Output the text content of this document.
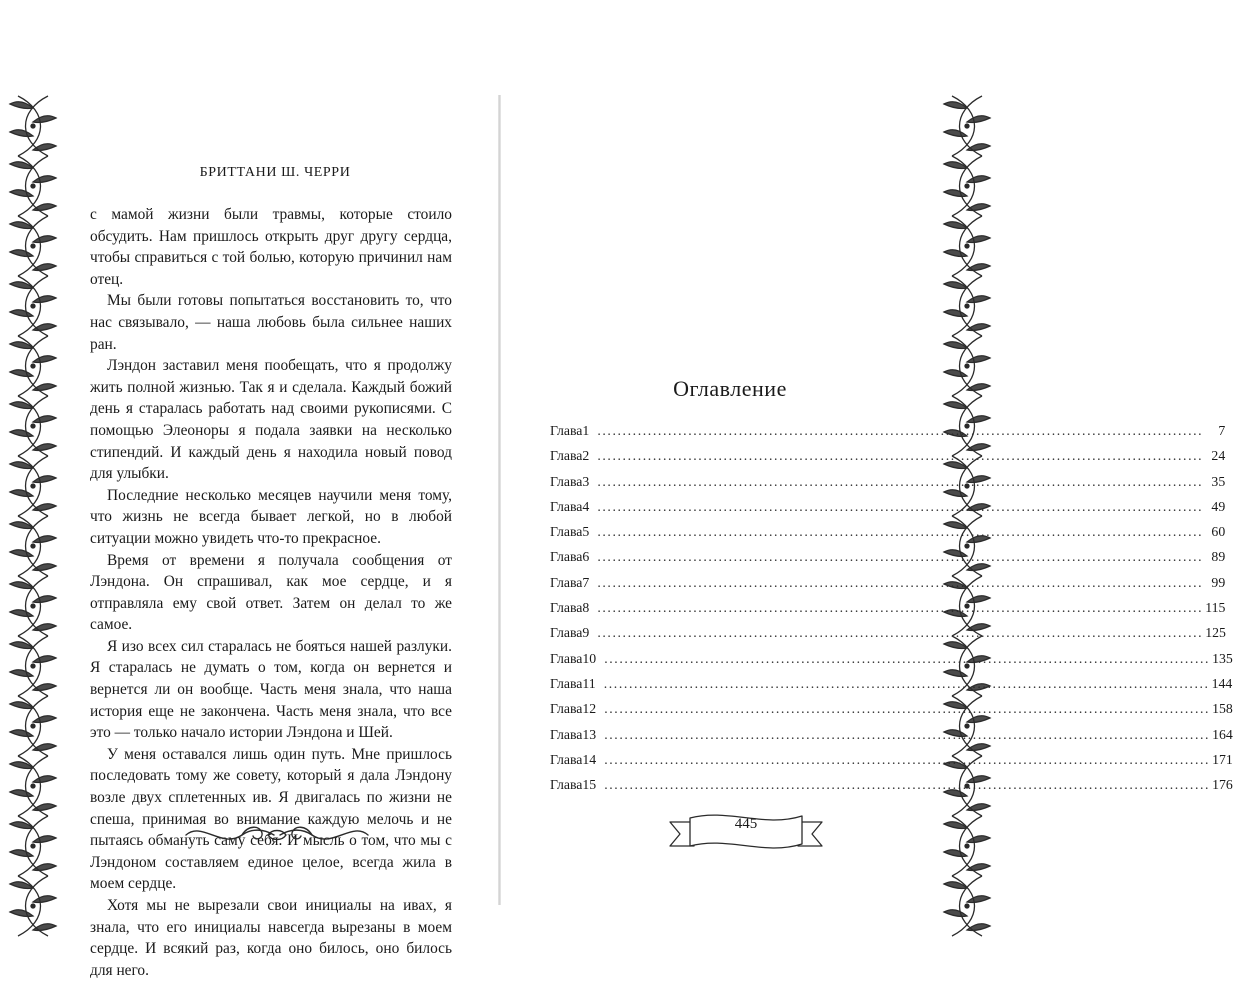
БРИТТАНИ Ш. ЧЕРРИ

с мамой жизни были травмы, которые стоило обсудить. Нам пришлось открыть друг другу сердца, чтобы справиться с той болью, которую причинил нам отец.

Мы были готовы попытаться восстановить то, что нас связывало, — наша любовь была сильнее наших ран.

Лэндон заставил меня пообещать, что я продолжу жить полной жизнью. Так я и сделала. Каждый божий день я старалась работать над своими рукописями. С помощью Элеоноры я подала заявки на несколько стипендий. И каждый день я находила новый повод для улыбки.

Последние несколько месяцев научили меня тому, что жизнь не всегда бывает легкой, но в любой ситуации можно увидеть что-то прекрасное.

Время от времени я получала сообщения от Лэндона. Он спрашивал, как мое сердце, и я отправляла ему свой ответ. Затем он делал то же самое.

Я изо всех сил старалась не бояться нашей разлуки. Я старалась не думать о том, когда он вернется и вернется ли он вообще. Часть меня знала, что наша история еще не закончена. Часть меня знала, что все это — только начало истории Лэндона и Шей.

У меня оставался лишь один путь. Мне пришлось последовать тому же совету, который я дала Лэндону возле двух сплетенных ив. Я двигалась по жизни не спеша, принимая во внимание каждую мелочь и не пытаясь обмануть саму себя. И мысль о том, что мы с Лэндоном составляем единое целое, всегда жила в моем сердце.

Хотя мы не вырезали свои инициалы на ивах, я знала, что его инициалы навсегда вырезаны в моем сердце. И всякий раз, когда оно билось, оно билось для него.

Оглавление
Глава 1 ........................................................................................................................	7
Глава 2 ........................................................................................................................ 24
Глава 3 ........................................................................................................................ 35
Глава 4 ........................................................................................................................ 49
Глава 5 ........................................................................................................................ 60
Глава 6 ........................................................................................................................ 89
Глава 7 ........................................................................................................................ 99
Глава 8 ........................................................................................................................ 115
Глава 9 ........................................................................................................................ 125
Глава 10 ........................................................................................................................ 135
Глава 11 ........................................................................................................................ 144
Глава 12 ........................................................................................................................ 158
Глава 13 ........................................................................................................................ 164
Глава 14 ........................................................................................................................ 171
Глава 15 ........................................................................................................................ 176
445
